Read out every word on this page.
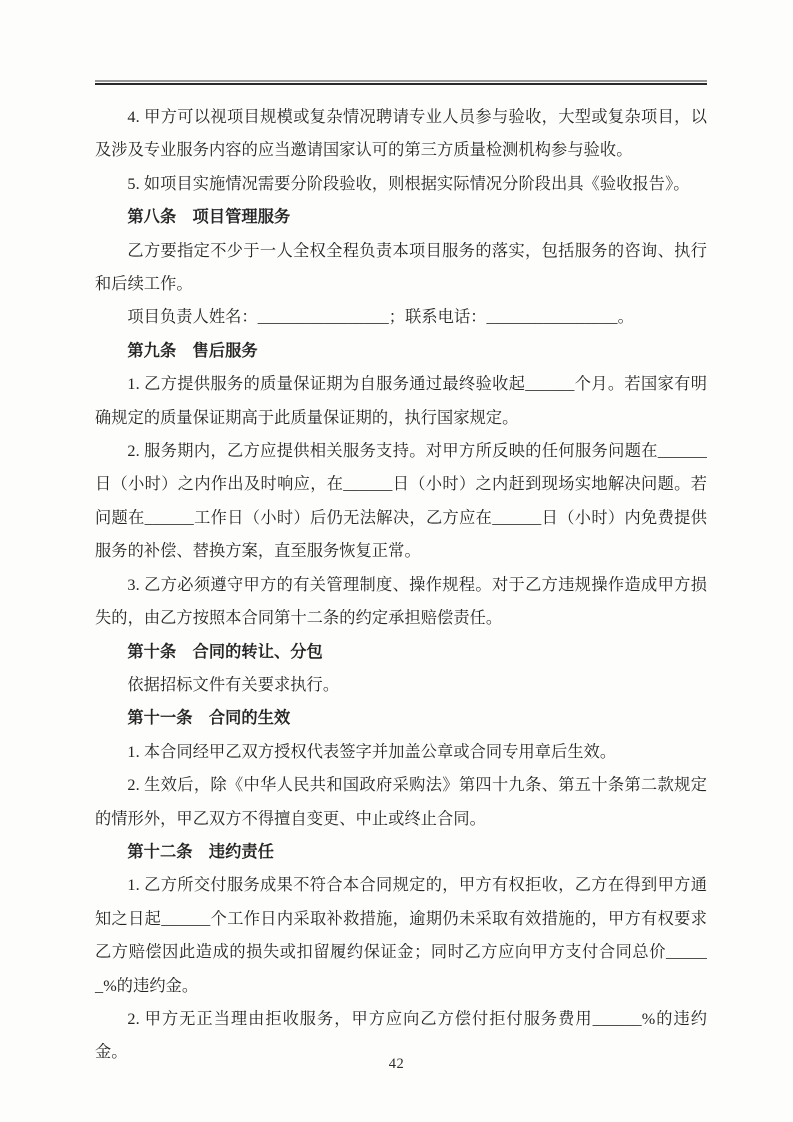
4. 甲方可以视项目规模或复杂情况聘请专业人员参与验收，大型或复杂项目，以及涉及专业服务内容的应当邀请国家认可的第三方质量检测机构参与验收。

5. 如项目实施情况需要分阶段验收，则根据实际情况分阶段出具《验收报告》。

第八条　项目管理服务

乙方要指定不少于一人全权全程负责本项目服务的落实，包括服务的咨询、执行和后续工作。

项目负责人姓名：________________；联系电话：________________。

第九条　售后服务

1. 乙方提供服务的质量保证期为自服务通过最终验收起______个月。若国家有明确规定的质量保证期高于此质量保证期的，执行国家规定。

2. 服务期内，乙方应提供相关服务支持。对甲方所反映的任何服务问题在______日（小时）之内作出及时响应，在______日（小时）之内赶到现场实地解决问题。若问题在______工作日（小时）后仍无法解决，乙方应在______日（小时）内免费提供服务的补偿、替换方案，直至服务恢复正常。

3. 乙方必须遵守甲方的有关管理制度、操作规程。对于乙方违规操作造成甲方损失的，由乙方按照本合同第十二条的约定承担赔偿责任。

第十条　合同的转让、分包

依据招标文件有关要求执行。

第十一条　合同的生效

1. 本合同经甲乙双方授权代表签字并加盖公章或合同专用章后生效。

2. 生效后，除《中华人民共和国政府采购法》第四十九条、第五十条第二款规定的情形外，甲乙双方不得擅自变更、中止或终止合同。

第十二条　违约责任

1. 乙方所交付服务成果不符合本合同规定的，甲方有权拒收，乙方在得到甲方通知之日起______个工作日内采取补救措施，逾期仍未采取有效措施的，甲方有权要求乙方赔偿因此造成的损失或扣留履约保证金；同时乙方应向甲方支付合同总价______%的违约金。

2. 甲方无正当理由拒收服务，甲方应向乙方偿付拒付服务费用______%的违约金。

42
